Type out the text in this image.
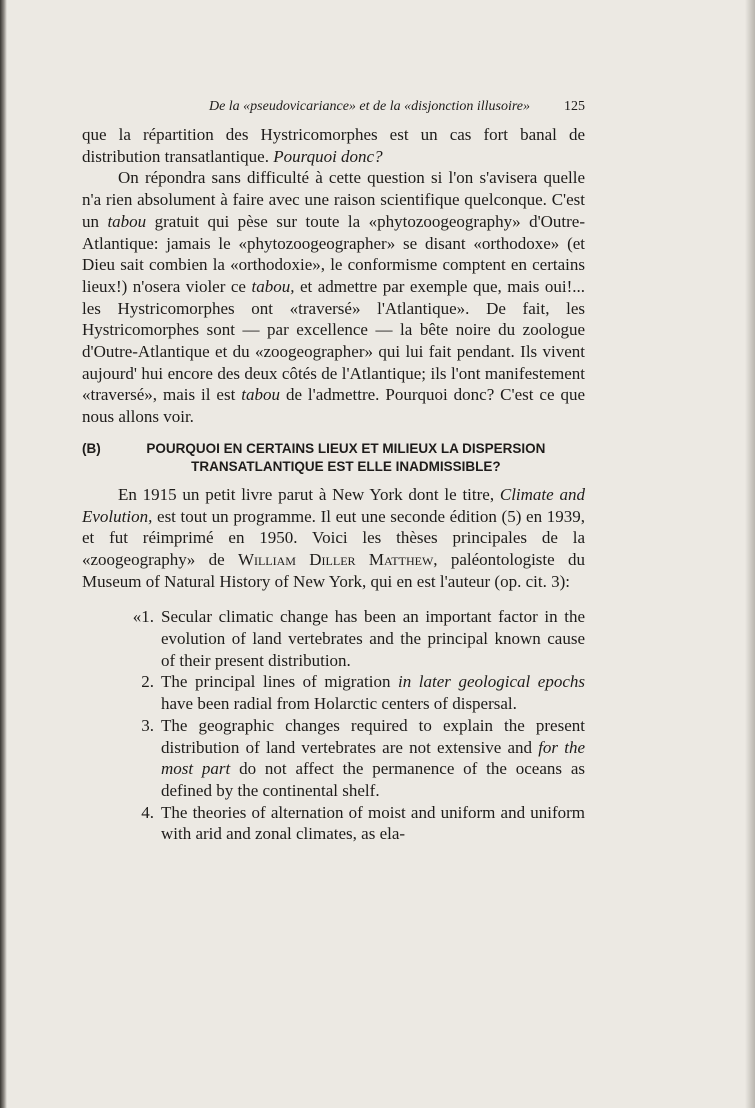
De la «pseudovicariance» et de la «disjonction illusoire» 125

que la répartition des Hystricomorphes est un cas fort banal de distribution transatlantique. Pourquoi donc?

On répondra sans difficulté à cette question si l'on s'avisera quelle n'a rien absolument à faire avec une raison scientifique quelconque. C'est un tabou gratuit qui pèse sur toute la «phytozoogeography» d'Outre-Atlantique: jamais le «phytozoogeographer» se disant «orthodoxe» (et Dieu sait combien la «orthodoxie», le conformisme comptent en certains lieux!) n'osera violer ce tabou, et admettre par exemple que, mais oui!... les Hystricomorphes ont «traversé» l'Atlantique». De fait, les Hystricomorphes sont — par excellence — la bête noire du zoologue d'Outre-Atlantique et du «zoogeographer» qui lui fait pendant. Ils vivent aujourd' hui encore des deux côtés de l'Atlantique; ils l'ont manifestement «traversé», mais il est tabou de l'admettre. Pourquoi donc? C'est ce que nous allons voir.

(B)	POURQUOI EN CERTAINS LIEUX ET MILIEUX LA DISPERSION TRANSATLANTIQUE EST ELLE INADMISSIBLE?

En 1915 un petit livre parut à New York dont le titre, Climate and Evolution, est tout un programme. Il eut une seconde édition (5) en 1939, et fut réimprimé en 1950. Voici les thèses principales de la «zoogeography» de William Diller Matthew, paléontologiste du Museum of Natural History of New York, qui en est l'auteur (op. cit. 3):

«1. Secular climatic change has been an important factor in the evolution of land vertebrates and the principal known cause of their present distribution.
2. The principal lines of migration in later geological epochs have been radial from Holarctic centers of dispersal.
3. The geographic changes required to explain the present distribution of land vertebrates are not extensive and for the most part do not affect the permanence of the oceans as defined by the continental shelf.
4. The theories of alternation of moist and uniform and uniform with arid and zonal climates, as ela-
